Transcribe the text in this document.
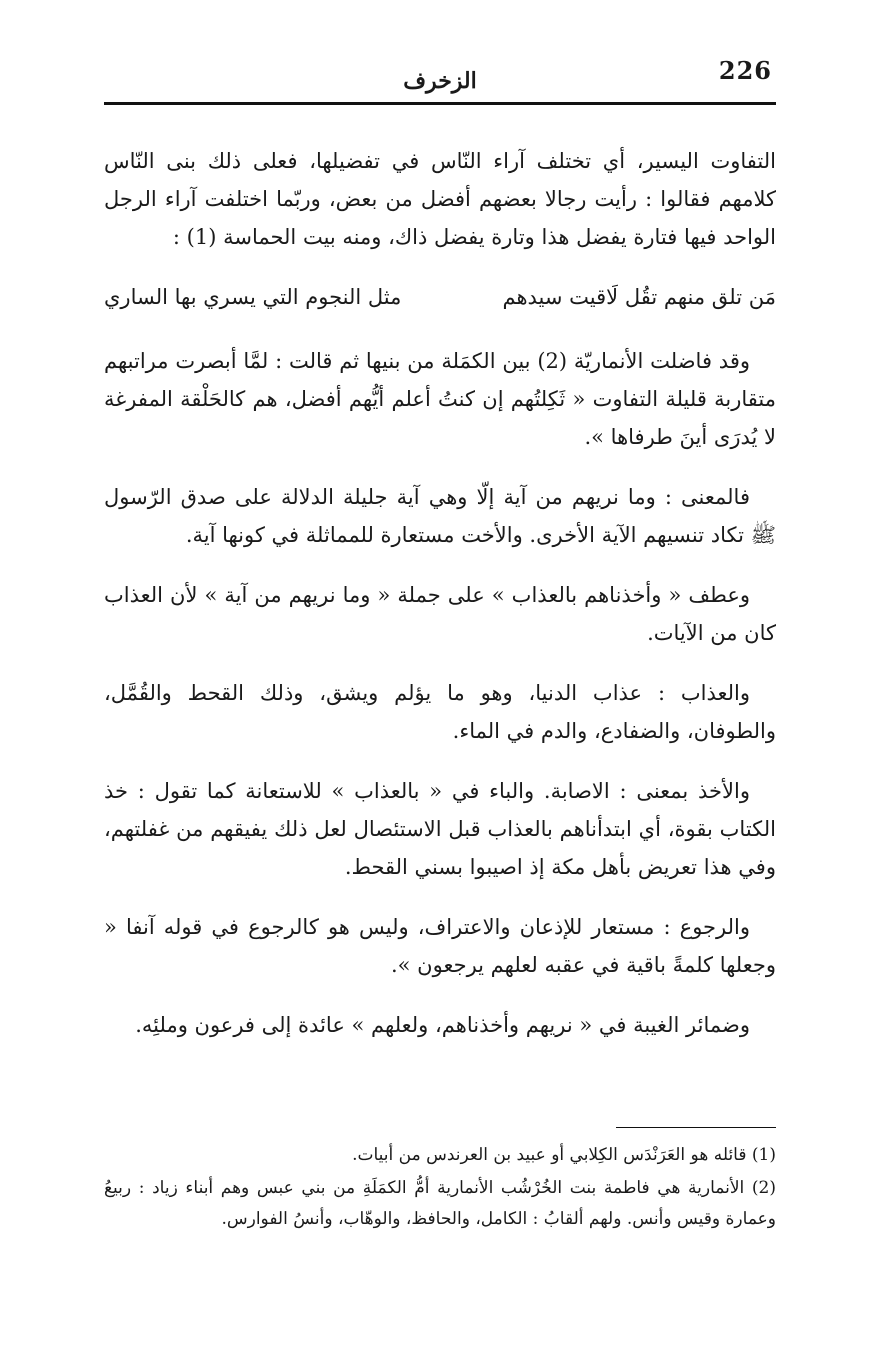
226
الزخرف

التفاوت اليسير، أي تختلف آراء النّاس في تفضيلها، فعلى ذلك بنى النّاس كلامهم فقالوا : رأيت رجالا بعضهم أفضل من بعض، وربّما اختلفت آراء الرجل الواحد فيها فتارة يفضل هذا وتارة يفضل ذاك، ومنه بيت الحماسة (1) :

مَن تلق منهم تقُل لَاقيت سيدهم
مثل النجوم التي يسري بها الساري

وقد فاضلت الأنماريّة (2) بين الكمَلة من بنيها ثم قالت : لمَّا أبصرت مراتبهم متقاربة قليلة التفاوت « ثَكِلتُهم إن كنتُ أعلم أيُّهم أفضل، هم كالحَلْقة المفرغة لا يُدرَى أينَ طرفاها ».

فالمعنى : وما نريهم من آية إلّا وهي آية جليلة الدلالة على صدق الرّسول ﷺ تكاد تنسيهم الآية الأخرى. والأخت مستعارة للمماثلة في كونها آية.

وعطف « وأخذناهم بالعذاب » على جملة « وما نريهم من آية » لأن العذاب كان من الآيات.

والعذاب : عذاب الدنيا، وهو ما يؤلم ويشق، وذلك القحط والقُمَّل، والطوفان، والضفادع، والدم في الماء.

والأخذ بمعنى : الاصابة. والباء في « بالعذاب » للاستعانة كما تقول : خذ الكتاب بقوة، أي ابتدأناهم بالعذاب قبل الاستئصال لعل ذلك يفيقهم من غفلتهم، وفي هذا تعريض بأهل مكة إذ اصيبوا بسني القحط.

والرجوع : مستعار للإذعان والاعتراف، وليس هو كالرجوع في قوله آنفا « وجعلها كلمةً باقية في عقبه لعلهم يرجعون ».

وضمائر الغيبة في « نريهم وأخذناهم، ولعلهم » عائدة إلى فرعون وملئِه.

(1) قائله هو العَرَنْدَس الكِلابي أو عبيد بن العرندس من أبيات.

(2) الأنمارية هي فاطمة بنت الخُرْشُب الأنمارية أمُّ الكمَلَةِ من بني عبس وهم أبناء زياد : ربيعُ وعمارة وقيس وأنس. ولهم ألقابُ : الكامل، والحافظ، والوهّاب، وأنسُ الفوارس.
